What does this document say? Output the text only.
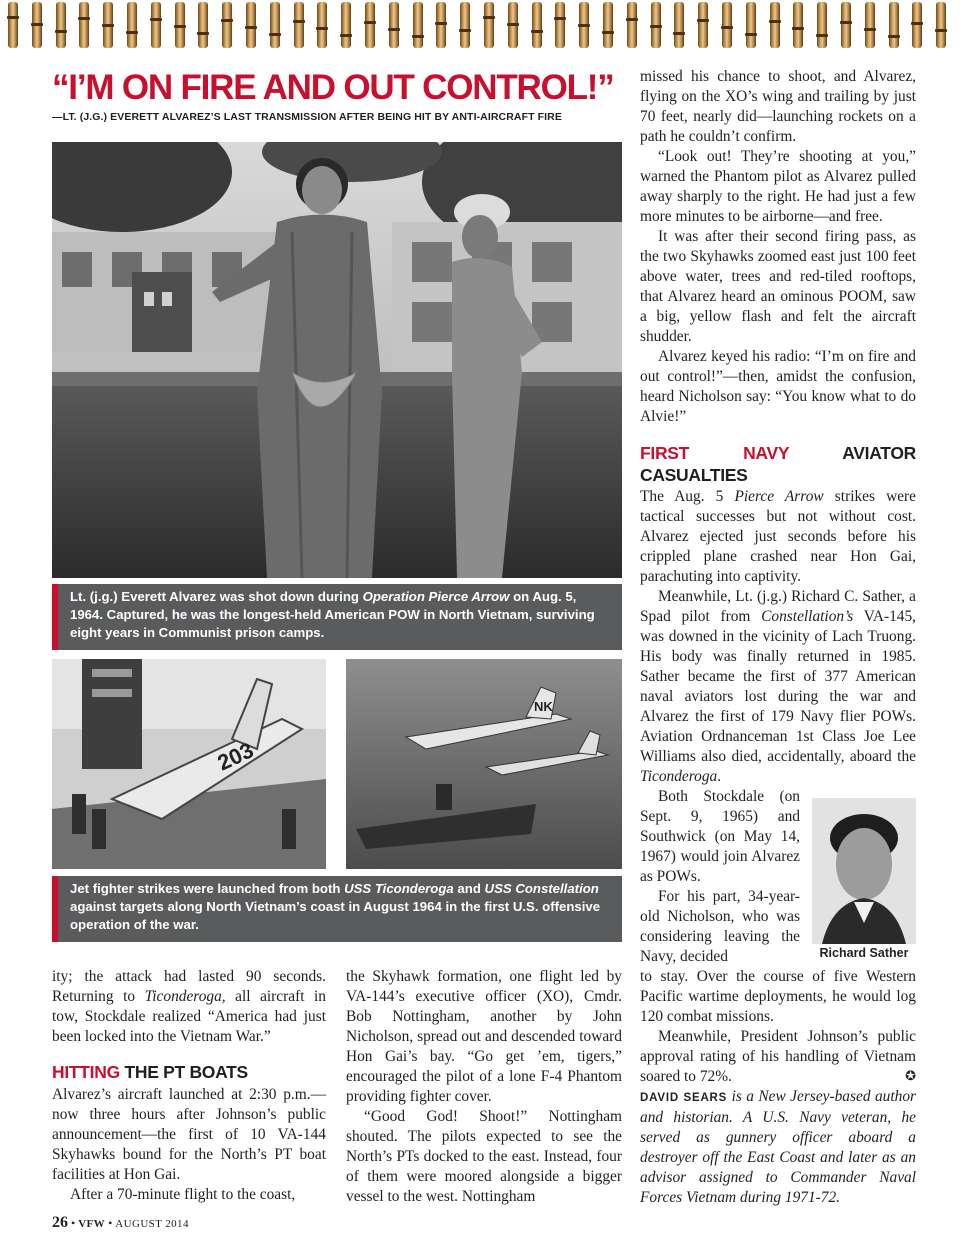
“I’M ON FIRE AND OUT CONTROL!”
—LT. (J.G.) EVERETT ALVAREZ’S LAST TRANSMISSION AFTER BEING HIT BY ANTI-AIRCRAFT FIRE
Lt. (j.g.) Everett Alvarez was shot down during Operation Pierce Arrow on Aug. 5, 1964. Captured, he was the longest-held American POW in North Vietnam, surviving eight years in Communist prison camps.
203
NK
Jet fighter strikes were launched from both USS Ticonderoga and USS Constellation against targets along North Vietnam’s coast in August 1964 in the first U.S. offensive operation of the war.

ity; the attack had lasted 90 seconds. Returning to Ticonderoga, all aircraft in tow, Stockdale realized “America had just been locked into the Vietnam War.”

HITTING THE PT BOATS

Alvarez’s aircraft launched at 2:30 p.m.—now three hours after Johnson’s public announcement—the first of 10 VA-144 Skyhawks bound for the North’s PT boat facilities at Hon Gai.

After a 70-minute flight to the coast,

the Skyhawk formation, one flight led by VA-144’s executive officer (XO), Cmdr. Bob Nottingham, another by John Nicholson, spread out and descended toward Hon Gai’s bay. “Go get ’em, tigers,” encouraged the pilot of a lone F-4 Phantom providing fighter cover.

“Good God! Shoot!” Nottingham shouted. The pilots expected to see the North’s PTs docked to the east. Instead, four of them were moored alongside a bigger vessel to the west. Nottingham

missed his chance to shoot, and Alvarez, flying on the XO’s wing and trailing by just 70 feet, nearly did—launching rockets on a path he couldn’t confirm.

“Look out! They’re shooting at you,” warned the Phantom pilot as Alvarez pulled away sharply to the right. He had just a few more minutes to be airborne—and free.

It was after their second firing pass, as the two Skyhawks zoomed east just 100 feet above water, trees and red-tiled rooftops, that Alvarez heard an ominous POOM, saw a big, yellow flash and felt the aircraft shudder.

Alvarez keyed his radio: “I’m on fire and out control!”—then, amidst the confusion, heard Nicholson say: “You know what to do Alvie!”

FIRST NAVY AVIATOR CASUALTIES

The Aug. 5 Pierce Arrow strikes were tactical successes but not without cost. Alvarez ejected just seconds before his crippled plane crashed near Hon Gai, parachuting into captivity.

Meanwhile, Lt. (j.g.) Richard C. Sather, a Spad pilot from Constellation’s VA-145, was downed in the vicinity of Lach Truong. His body was finally returned in 1985. Sather became the first of 377 American naval aviators lost during the war and Alvarez the first of 179 Navy flier POWs. Aviation Ordnanceman 1st Class Joe Lee Williams also died, accidentally, aboard the Ticonderoga.

Both Stockdale (on Sept. 9, 1965) and Southwick (on May 14, 1967) would join Alvarez as POWs.

For his part, 34-year-old Nicholson, who was considering leaving the Navy, decided	Richard Sather

to stay. Over the course of five Western Pacific wartime deployments, he would log 120 combat missions.

Meanwhile, President Johnson’s public approval rating of his handling of Vietnam soared to 72%.	✪

DAVID SEARS is a New Jersey-based author and historian. A U.S. Navy veteran, he served as gunnery officer aboard a destroyer off the East Coast and later as an advisor assigned to Commander Naval Forces Vietnam during 1971-72.

26 • VFW • AUGUST 2014
